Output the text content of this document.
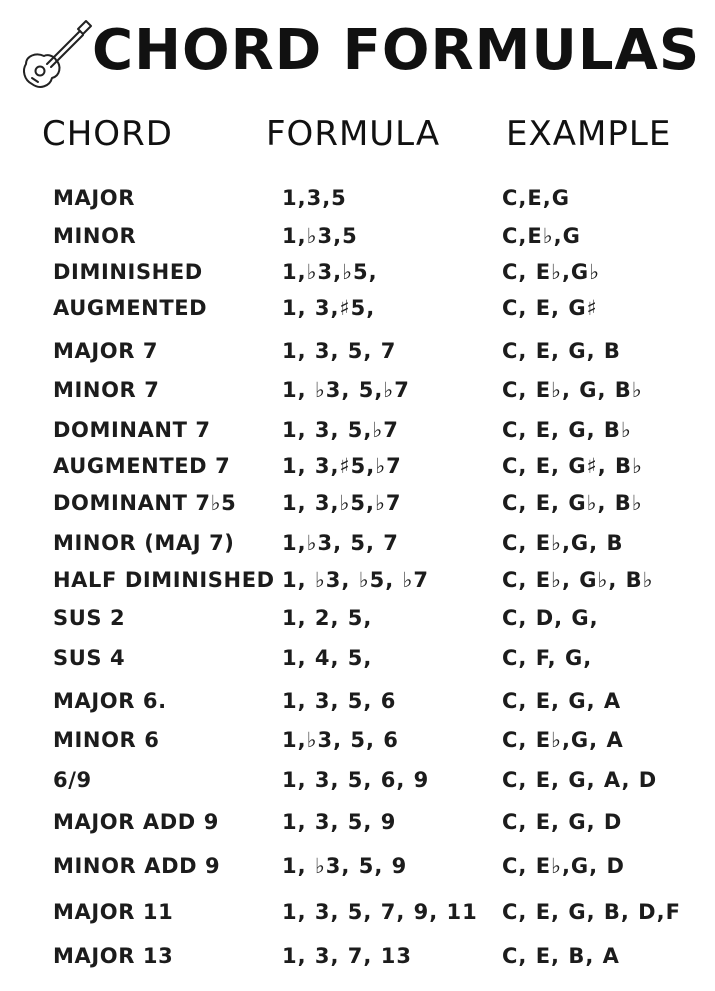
CHORD FORMULAS
CHORD	FORMULA EXAMPLE
MAJOR	1,3,5	C,E,G
MINOR	1,♭3,5	C,E♭,G
DIMINISHED	1,♭3,♭5,	C, E♭,G♭
AUGMENTED	1, 3,♯5,	C, E, G♯
MAJOR 7	1, 3, 5, 7	C, E, G, B
MINOR 7	1, ♭3, 5,♭7	C, E♭, G, B♭
DOMINANT 7	1, 3, 5,♭7	C, E, G, B♭
AUGMENTED 7 1, 3,♯5,♭7	C, E, G♯, B♭
DOMINANT 7♭5 1, 3,♭5,♭7	C, E, G♭, B♭
MINOR (MAJ 7) 1,♭3, 5, 7	C, E♭,G, B
HALF DIMINISHED 1, ♭3, ♭5, ♭7	C, E♭, G♭, B♭
SUS 2	1, 2, 5,	C, D, G,
SUS 4	1, 4, 5,	C, F, G,
MAJOR 6.	1, 3, 5, 6	C, E, G, A
MINOR 6	1,♭3, 5, 6	C, E♭,G, A
6/9	1, 3, 5, 6, 9	C, E, G, A, D
MAJOR ADD 9	1, 3, 5, 9	C, E, G, D
MINOR ADD 9	1, ♭3, 5, 9	C, E♭,G, D
MAJOR 11	1, 3, 5, 7, 9, 11 C, E, G, B, D,F
MAJOR 13	1, 3, 7, 13	C, E, B, A
